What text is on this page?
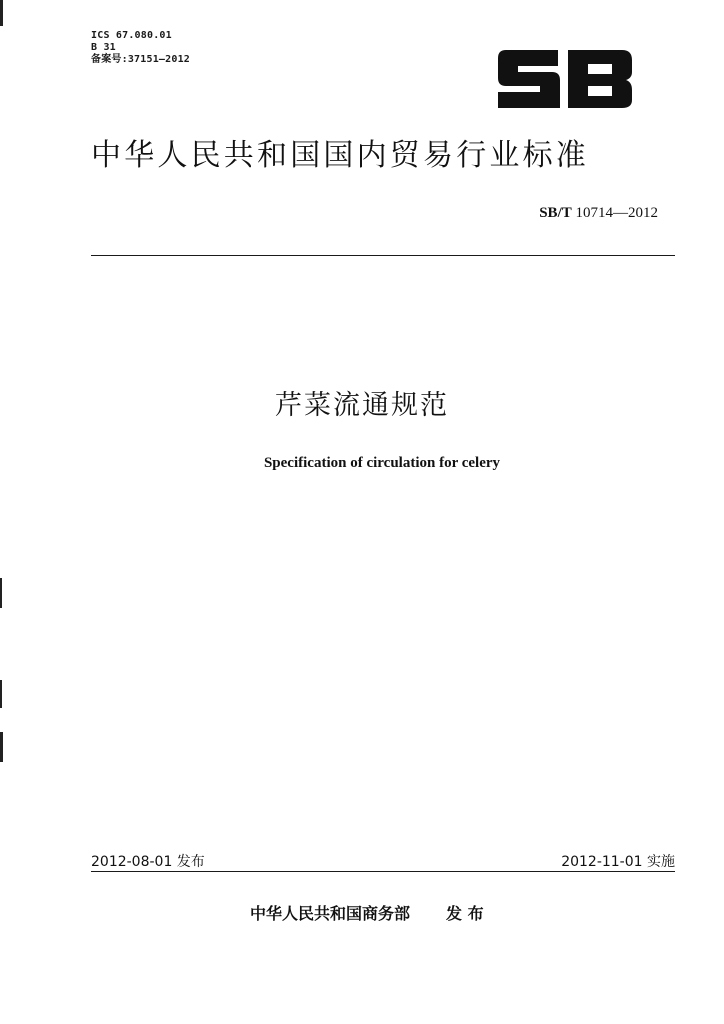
ICS 67.080.01
B 31
备案号:37151—2012
中华人民共和国国内贸易行业标准
SB/T 10714—2012
芹菜流通规范
Specification of circulation for celery
2012-08-01 发布	2012-11-01 实施
中华人民共和国商务部 发 布
